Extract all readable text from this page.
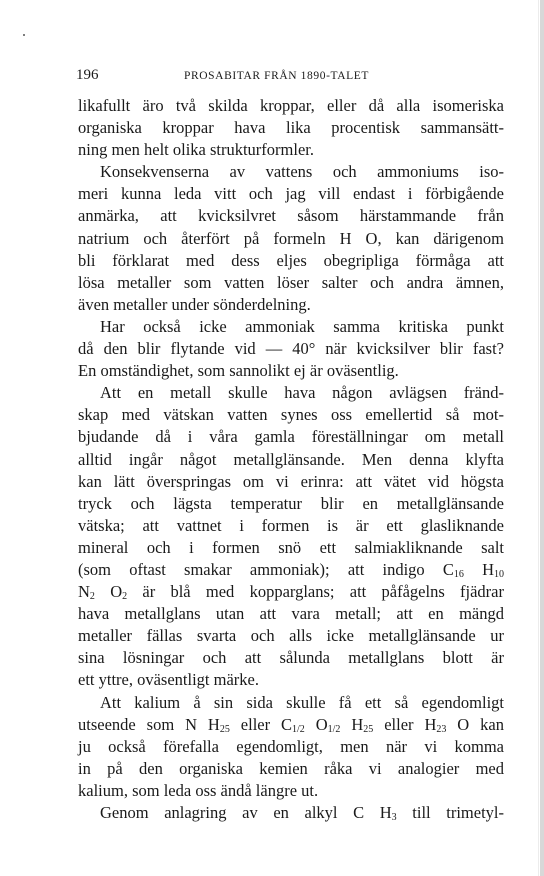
196	PROSABITAR FRÅN 1890-TALET
likafullt äro två skilda kroppar, eller då alla isomeriska
organiska kroppar hava lika procentisk sammansätt-
ning men helt olika strukturformler.
Konsekvenserna av vattens och ammoniums iso-
meri kunna leda vitt och jag vill endast i förbigående
anmärka, att kvicksilvret såsom härstammande från
natrium och återfört på formeln H O, kan därigenom
bli förklarat med dess eljes obegripliga förmåga att
lösa metaller som vatten löser salter och andra ämnen,
även metaller under sönderdelning.
Har också icke ammoniak samma kritiska punkt
då den blir flytande vid — 40° när kvicksilver blir fast?
En omständighet, som sannolikt ej är oväsentlig.
Att en metall skulle hava någon avlägsen fränd-
skap med vätskan vatten synes oss emellertid så mot-
bjudande då i våra gamla föreställningar om metall
alltid ingår något metallglänsande. Men denna klyfta
kan lätt överspringas om vi erinra: att vätet vid högsta
tryck och lägsta temperatur blir en metallglänsande
vätska; att vattnet i formen is är ett glasliknande
mineral och i formen snö ett salmiakliknande salt
(som oftast smakar ammoniak); att indigo $C_{16}$ $H_{10}$
$N_2$ $O_2$ är blå med kopparglans; att påfågelns fjädrar
hava metallglans utan att vara metall; att en mängd
metaller fällas svarta och alls icke metallglänsande ur
sina lösningar och att sålunda metallglans blott är
ett yttre, oväsentligt märke.
Att kalium å sin sida skulle få ett så egendomligt
utseende som N $H_{25}$ eller $C_{1/2}$ $O_{1/2}$ $H_{25}$ eller $H_{23}$ O kan
ju också förefalla egendomligt, men när vi komma
in på den organiska kemien råka vi analogier med
kalium, som leda oss ändå längre ut.
Genom anlagring av en alkyl C $H_3$ till trimetyl-
